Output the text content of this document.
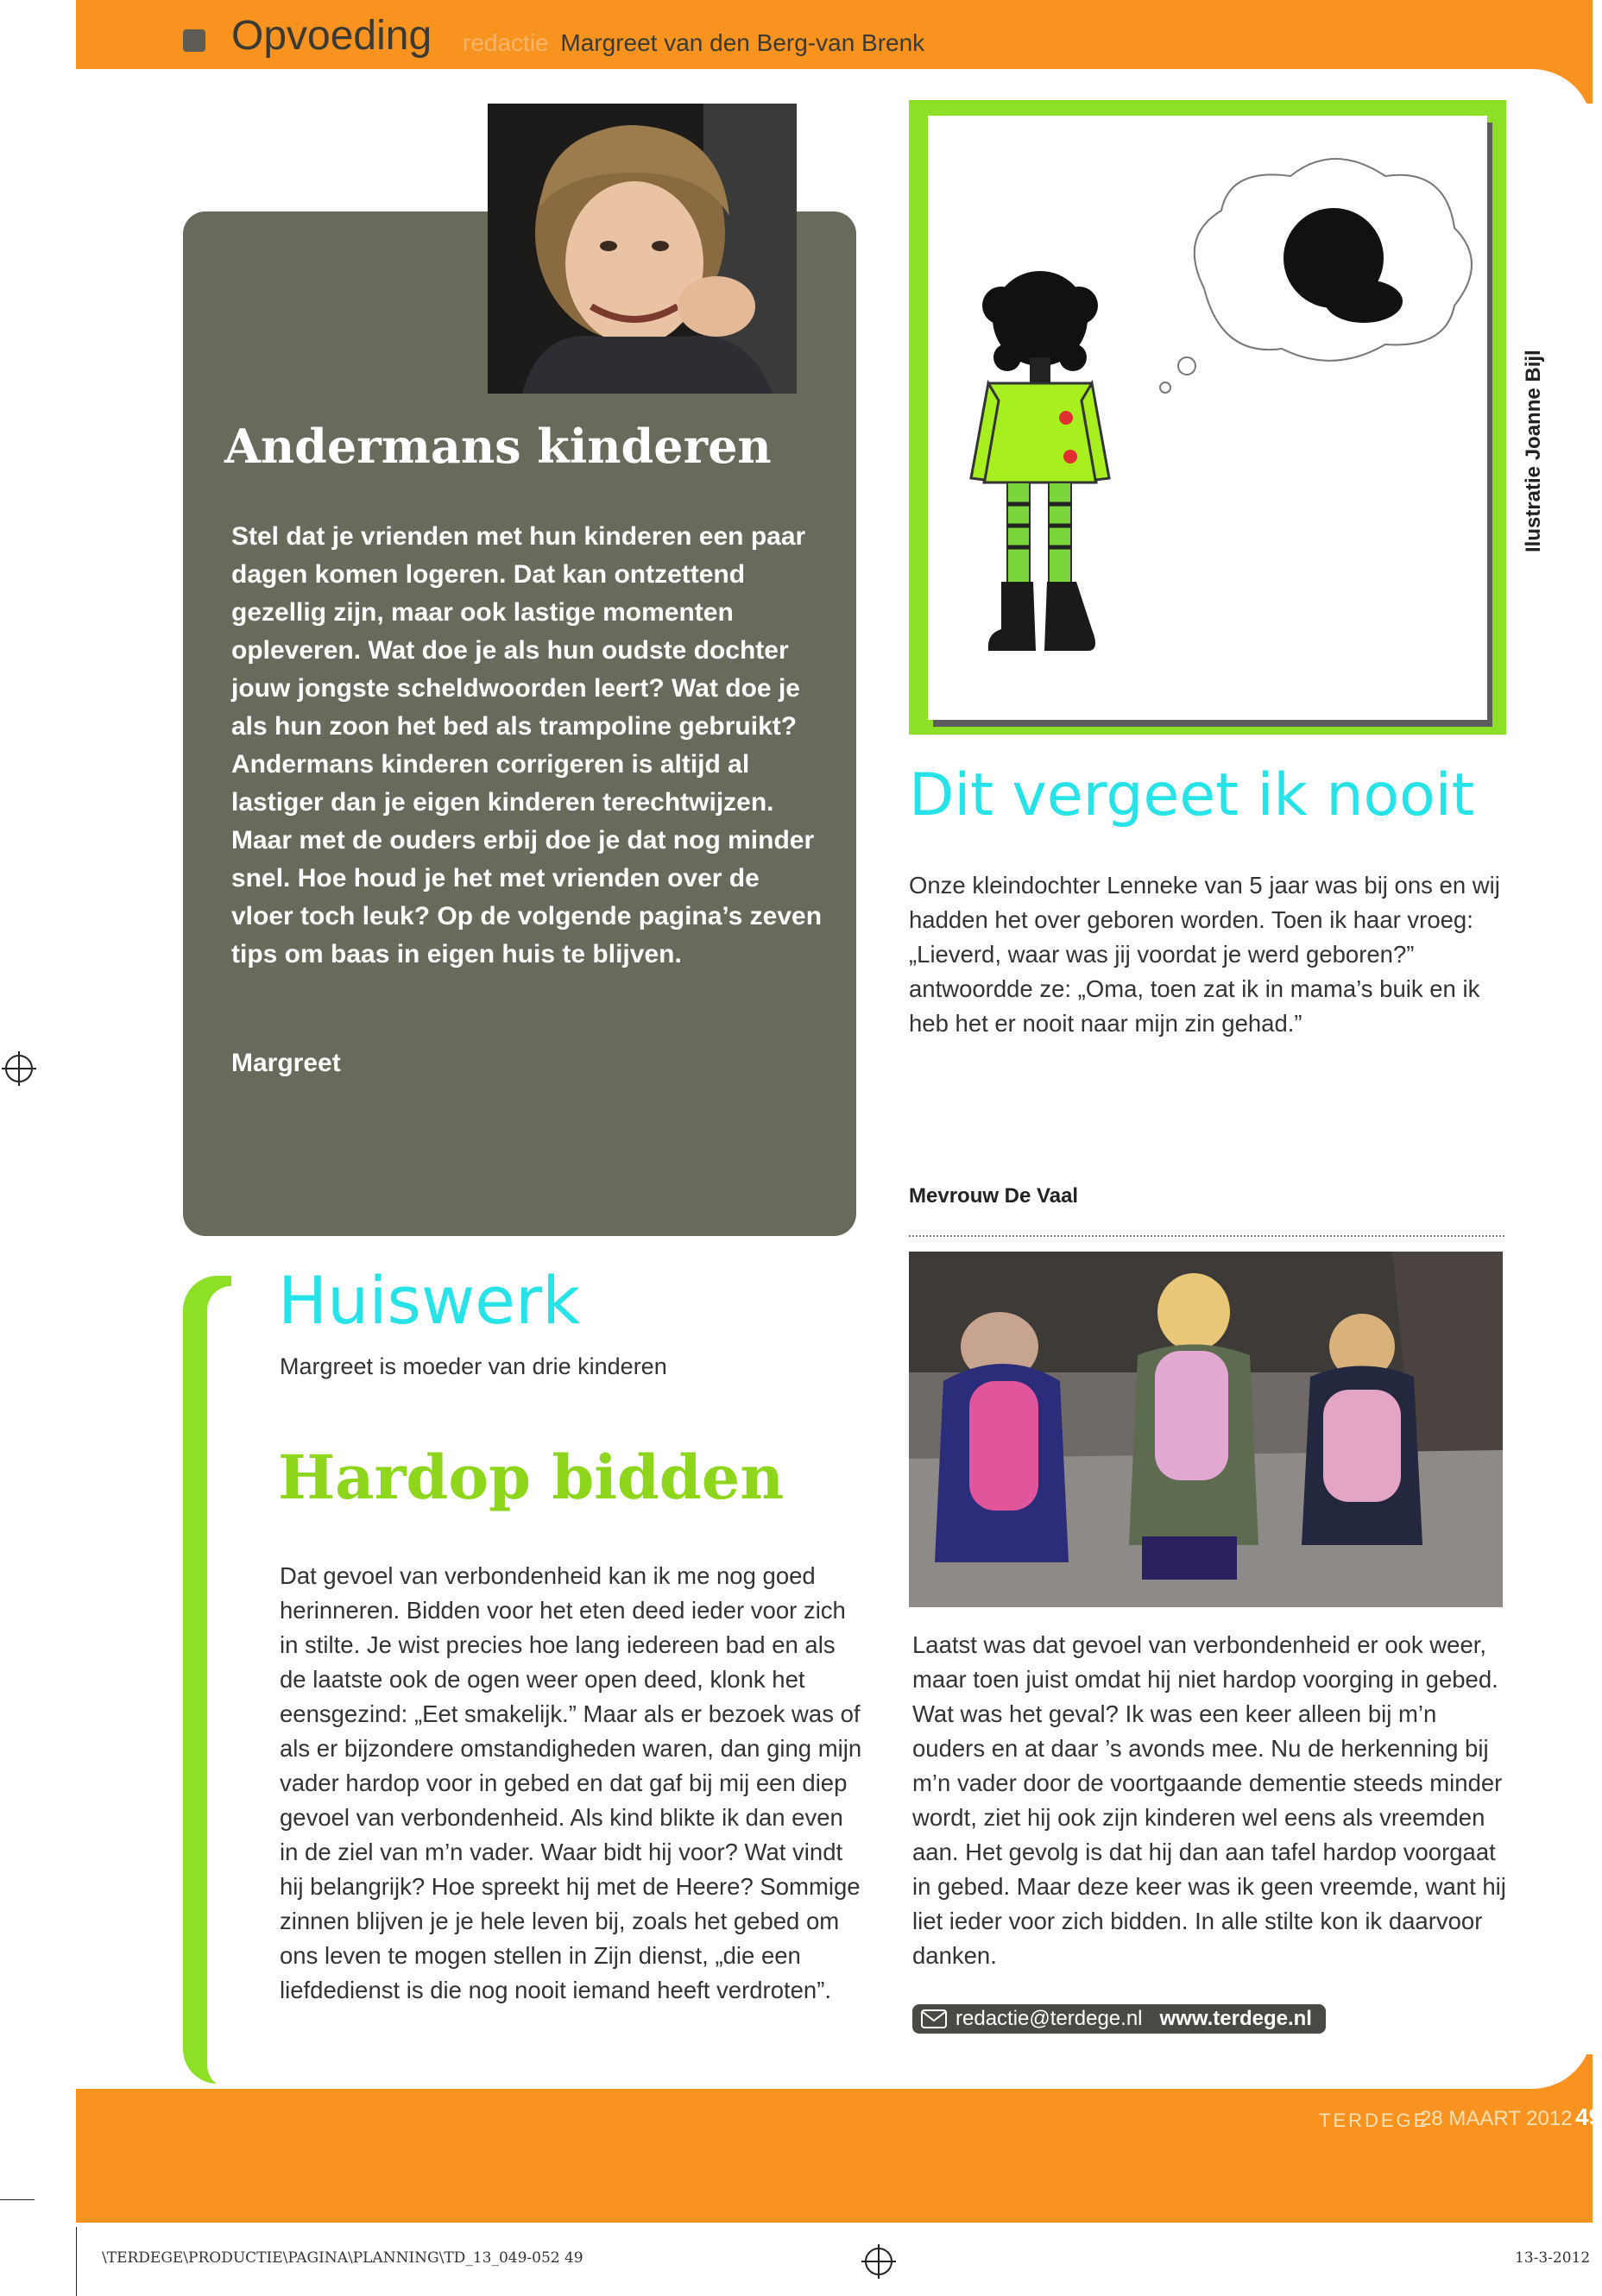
Opvoeding redactie Margreet van den Berg-van Brenk
Andermans kinderen
Stel dat je vrienden met hun kinderen een paar dagen komen logeren. Dat kan ontzettend gezellig zijn, maar ook lastige momenten opleveren. Wat doe je als hun oudste dochter jouw jongste scheldwoorden leert? Wat doe je als hun zoon het bed als trampoline gebruikt? Andermans kinderen corrigeren is altijd al lastiger dan je eigen kinderen terechtwijzen. Maar met de ouders erbij doe je dat nog minder snel. Hoe houd je het met vrienden over de vloer toch leuk? Op de volgende pagina’s zeven tips om baas in eigen huis te blijven.
Margreet
Ilustratie Joanne Bijl
Dit vergeet ik nooit
Onze kleindochter Lenneke van 5 jaar was bij ons en wij hadden het over geboren worden. Toen ik haar vroeg: „Lieverd, waar was jij voordat je werd geboren?” antwoordde ze: „Oma, toen zat ik in mama’s buik en ik heb het er nooit naar mijn zin gehad.”
Mevrouw De Vaal
Huiswerk
Margreet is moeder van drie kinderen
Hardop bidden
Dat gevoel van verbondenheid kan ik me nog goed herinneren. Bidden voor het eten deed ieder voor zich in stilte. Je wist precies hoe lang iedereen bad en als de laatste ook de ogen weer open deed, klonk het eensgezind: „Eet smakelijk.” Maar als er bezoek was of als er bijzondere omstandigheden waren, dan ging mijn vader hardop voor in gebed en dat gaf bij mij een diep gevoel van verbondenheid. Als kind blikte ik dan even in de ziel van m’n vader. Waar bidt hij voor? Wat vindt hij belangrijk? Hoe spreekt hij met de Heere? Sommige zinnen blijven je je hele leven bij, zoals het gebed om ons leven te mogen stellen in Zijn dienst, „die een liefdedienst is die nog nooit iemand heeft verdroten”.
Laatst was dat gevoel van verbondenheid er ook weer, maar toen juist omdat hij niet hardop voorging in gebed. Wat was het geval? Ik was een keer alleen bij m’n ouders en at daar ’s avonds mee. Nu de herkenning bij m’n vader door de voortgaande dementie steeds minder wordt, ziet hij ook zijn kinderen wel eens als vreemden aan. Het gevolg is dat hij dan aan tafel hardop voorgaat in gebed. Maar deze keer was ik geen vreemde, want hij liet ieder voor zich bidden. In alle stilte kon ik daarvoor danken.
redactie@terdege.nl www.terdege.nl
TERDEGE
28 MAART 2012 49
\TERDEGE\PRODUCTIE\PAGINA\PLANNING\TD_13_049-052 49	13-3-2012
